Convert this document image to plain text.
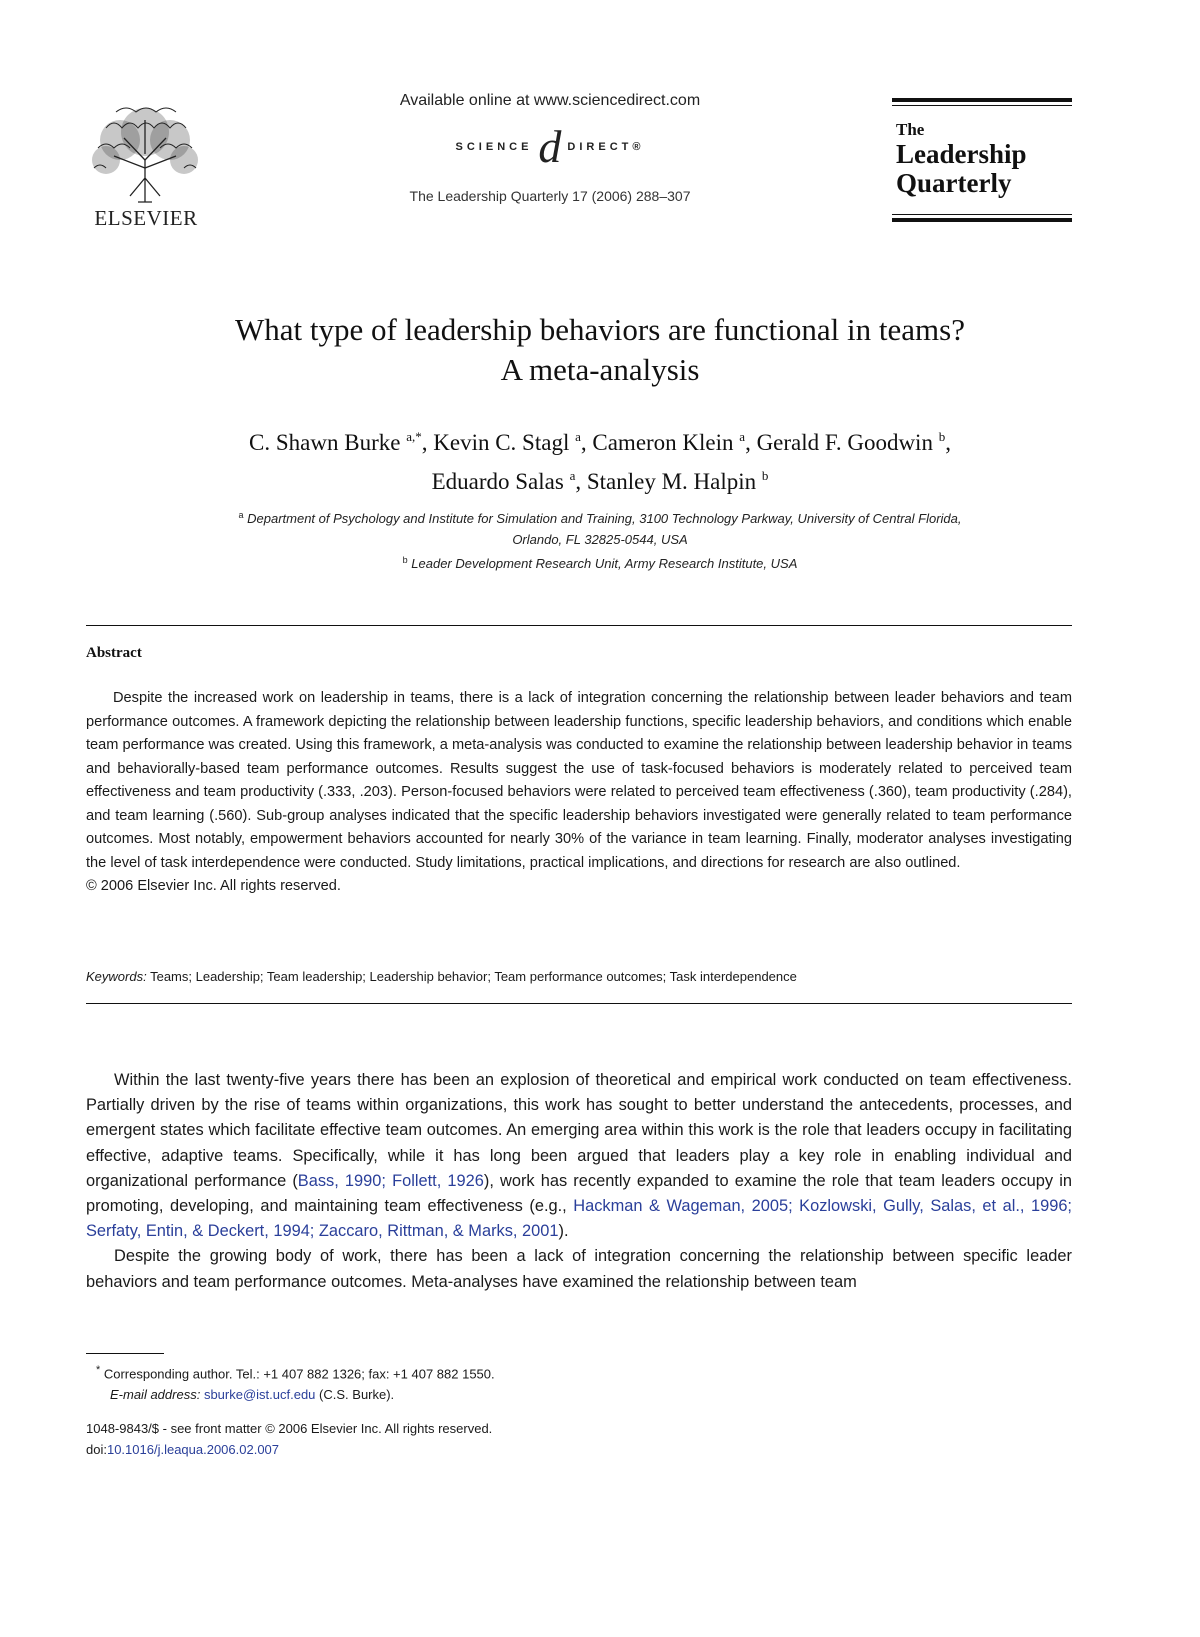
ELSEVIER
Available online at www.sciencedirect.com
SCIENCE d DIRECT®
The Leadership Quarterly 17 (2006) 288–307
The
Leadership
Quarterly
What type of leadership behaviors are functional in teams?
A meta-analysis
C. Shawn Burke $^{a,*}$, Kevin C. Stagl $^a$, Cameron Klein $^a$, Gerald F. Goodwin $^b$,
Eduardo Salas $^a$, Stanley M. Halpin $^b$
$^a$ Department of Psychology and Institute for Simulation and Training, 3100 Technology Parkway, University of Central Florida,
Orlando, FL 32825-0544, USA
$^b$ Leader Development Research Unit, Army Research Institute, USA
Abstract

Despite the increased work on leadership in teams, there is a lack of integration concerning the relationship between leader behaviors and team performance outcomes. A framework depicting the relationship between leadership functions, specific leadership behaviors, and conditions which enable team performance was created. Using this framework, a meta-analysis was conducted to examine the relationship between leadership behavior in teams and behaviorally-based team performance outcomes. Results suggest the use of task-focused behaviors is moderately related to perceived team effectiveness and team productivity (.333, .203). Person-focused behaviors were related to perceived team effectiveness (.360), team productivity (.284), and team learning (.560). Sub-group analyses indicated that the specific leadership behaviors investigated were generally related to team performance outcomes. Most notably, empowerment behaviors accounted for nearly 30% of the variance in team learning. Finally, moderator analyses investigating the level of task interdependence were conducted. Study limitations, practical implications, and directions for research are also outlined.

© 2006 Elsevier Inc. All rights reserved.

Keywords: Teams; Leadership; Team leadership; Leadership behavior; Team performance outcomes; Task interdependence

Within the last twenty-five years there has been an explosion of theoretical and empirical work conducted on team effectiveness. Partially driven by the rise of teams within organizations, this work has sought to better understand the antecedents, processes, and emergent states which facilitate effective team outcomes. An emerging area within this work is the role that leaders occupy in facilitating effective, adaptive teams. Specifically, while it has long been argued that leaders play a key role in enabling individual and organizational performance (Bass, 1990; Follett, 1926), work has recently expanded to examine the role that team leaders occupy in promoting, developing, and maintaining team effectiveness (e.g., Hackman & Wageman, 2005; Kozlowski, Gully, Salas, et al., 1996; Serfaty, Entin, & Deckert, 1994; Zaccaro, Rittman, & Marks, 2001).

Despite the growing body of work, there has been a lack of integration concerning the relationship between specific leader behaviors and team performance outcomes. Meta-analyses have examined the relationship between team

* Corresponding author. Tel.: +1 407 882 1326; fax: +1 407 882 1550.
E-mail address: sburke@ist.ucf.edu (C.S. Burke).
1048-9843/$ - see front matter © 2006 Elsevier Inc. All rights reserved.
doi:10.1016/j.leaqua.2006.02.007
